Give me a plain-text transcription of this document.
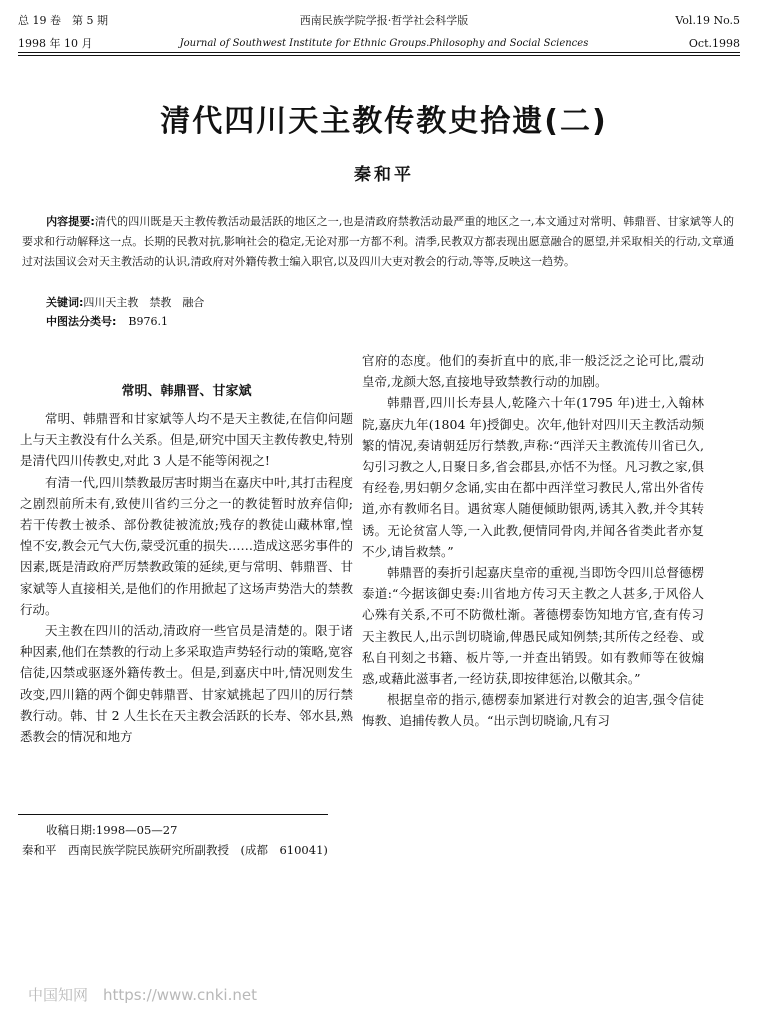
总 19 卷　第 5 期	西南民族学院学报·哲学社会科学版	Vol.19 No.5
1998 年 10 月	Journal of Southwest Institute for Ethnic Groups.Philosophy and Social Sciences	Oct.1998
清代四川天主教传教史拾遗(二)
秦和平
内容提要:清代的四川既是天主教传教活动最活跃的地区之一,也是清政府禁教活动最严重的地区之一,本文通过对常明、韩鼎晋、甘家斌等人的要求和行动解释这一点。长期的民教对抗,影响社会的稳定,无论对那一方都不利。清季,民教双方都表现出愿意融合的愿望,并采取相关的行动,文章通过对法国议会对天主教活动的认识,清政府对外籍传教士编入职官,以及四川大吏对教会的行动,等等,反映这一趋势。
关键词:四川天主教　禁教　融合
中图法分类号: B976.1
常明、韩鼎晋、甘家斌

常明、韩鼎晋和甘家斌等人均不是天主教徒,在信仰问题上与天主教没有什么关系。但是,研究中国天主教传教史,特别是清代四川传教史,对此 3 人是不能等闲视之!

有清一代,四川禁教最厉害时期当在嘉庆中叶,其打击程度之剧烈前所未有,致使川省约三分之一的教徒暂时放弃信仰;若干传教士被杀、部份教徒被流放;残存的教徒山藏林窜,惶惶不安,教会元气大伤,蒙受沉重的损失……造成这恶劣事件的因素,既是清政府严厉禁教政策的延续,更与常明、韩鼎晋、甘家斌等人直接相关,是他们的作用掀起了这场声势浩大的禁教行动。

天主教在四川的活动,清政府一些官员是清楚的。限于诸种因素,他们在禁教的行动上多采取造声势轻行动的策略,宽容信徒,囚禁或驱逐外籍传教士。但是,到嘉庆中叶,情况则发生改变,四川籍的两个御史韩鼎晋、甘家斌挑起了四川的厉行禁教行动。韩、甘 2 人生长在天主教会活跃的长寿、邻水县,熟悉教会的情况和地方

官府的态度。他们的奏折直中的底,非一般泛泛之论可比,震动皇帝,龙颜大怒,直接地导致禁教行动的加剧。

韩鼎晋,四川长寿县人,乾隆六十年(1795 年)进士,入翰林院,嘉庆九年(1804 年)授御史。次年,他针对四川天主教活动频繁的情况,奏请朝廷厉行禁教,声称:“西洋天主教流传川省已久,勾引习教之人,日聚日多,省会郡县,亦恬不为怪。凡习教之家,俱有经卷,男妇朝夕念诵,实由在都中西洋堂习教民人,常出外省传道,亦有教师名目。遇贫寒人随便倾助银两,诱其入教,并令其转诱。无论贫富人等,一入此教,便情同骨肉,并闻各省类此者亦复不少,请旨救禁。”

韩鼎晋的奏折引起嘉庆皇帝的重视,当即饬令四川总督德楞泰道:“今据该御史奏:川省地方传习天主教之人甚多,于风俗人心殊有关系,不可不防微杜渐。著德楞泰饬知地方官,查有传习天主教民人,出示剀切晓谕,俾愚民咸知例禁;其所传之经卷、或私自刊刻之书籍、板片等,一并查出销毁。如有教师等在彼煽惑,或藉此滋事者,一经访获,即按律惩治,以儆其余。”

根据皇帝的指示,德楞泰加紧进行对教会的迫害,强令信徒悔教、追捕传教人员。“出示剀切晓谕,凡有习

收稿日期:1998—05—27
秦和平　西南民族学院民族研究所副教授　(成都　610041)
中国知网　https://www.cnki.net
